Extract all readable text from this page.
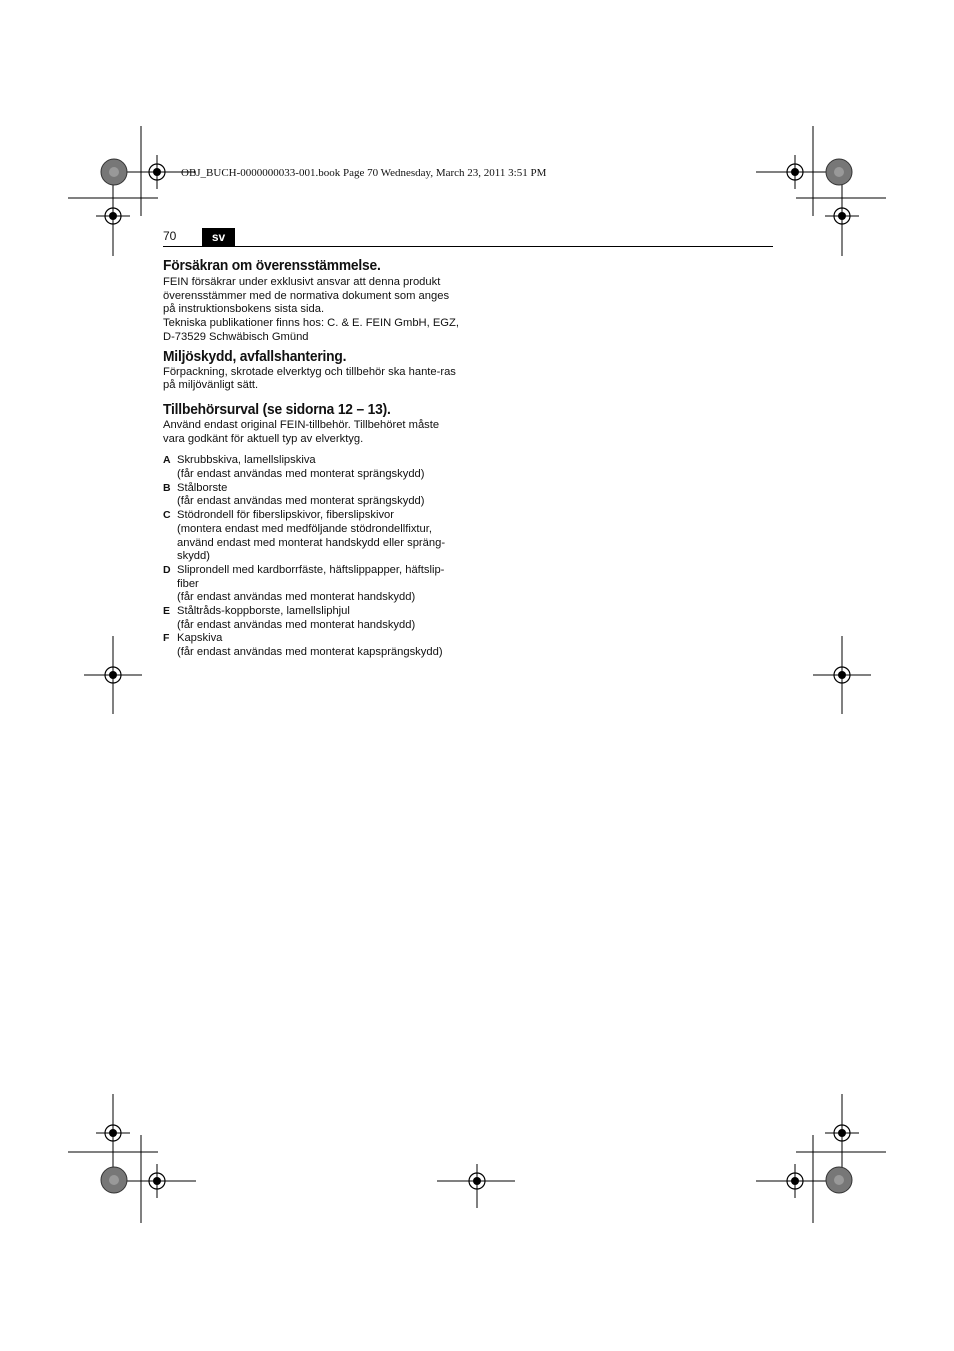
OBJ_BUCH-0000000033-001.book Page 70 Wednesday, March 23, 2011 3:51 PM
70	sv
Försäkran om överensstämmelse.

FEIN försäkrar under exklusivt ansvar att denna produkt överensstämmer med de normativa dokument som anges på instruktionsbokens sista sida.

Tekniska publikationer finns hos: C. & E. FEIN GmbH, EGZ, D-73529 Schwäbisch Gmünd

Miljöskydd, avfallshantering.

Förpackning, skrotade elverktyg och tillbehör ska hante-ras på miljövänligt sätt.

Tillbehörsurval (se sidorna 12 – 13).

Använd endast original FEIN-tillbehör. Tillbehöret måste vara godkänt för aktuell typ av elverktyg.

A Skrubbskiva, lamellslipskiva
(får endast användas med monterat sprängskydd)
B Stålborste
(får endast användas med monterat sprängskydd)
C Stödrondell för fiberslipskivor, fiberslipskivor
(montera endast med medföljande stödrondellfixtur, använd endast med monterat handskydd eller spräng-skydd)
D Sliprondell med kardborrfäste, häftslippapper, häftslip-fiber
(får endast användas med monterat handskydd)
E Ståltråds-koppborste, lamellsliphjul
(får endast användas med monterat handskydd)
F Kapskiva
(får endast användas med monterat kapsprängskydd)
